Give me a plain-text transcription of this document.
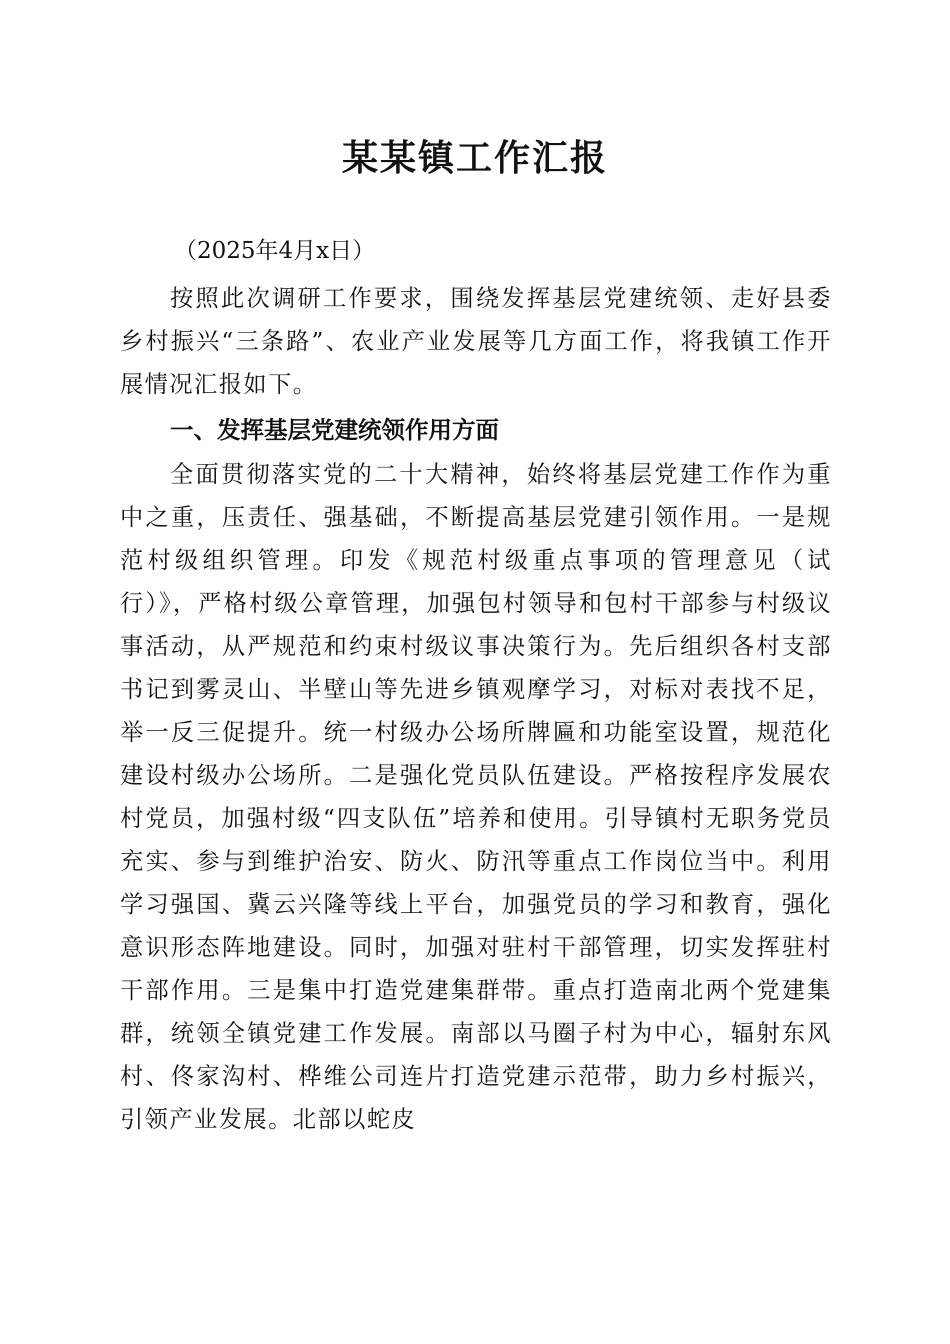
某某镇工作汇报
（2025年4月x日）

按照此次调研工作要求，围绕发挥基层党建统领、走好县委乡村振兴“三条路”、农业产业发展等几方面工作，将我镇工作开展情况汇报如下。

一、发挥基层党建统领作用方面

全面贯彻落实党的二十大精神，始终将基层党建工作作为重中之重，压责任、强基础，不断提高基层党建引领作用。一是规范村级组织管理。印发《规范村级重点事项的管理意见（试行）》，严格村级公章管理，加强包村领导和包村干部参与村级议事活动，从严规范和约束村级议事决策行为。先后组织各村支部书记到雾灵山、半壁山等先进乡镇观摩学习，对标对表找不足，举一反三促提升。统一村级办公场所牌匾和功能室设置，规范化建设村级办公场所。二是强化党员队伍建设。严格按程序发展农村党员，加强村级“四支队伍”培养和使用。引导镇村无职务党员充实、参与到维护治安、防火、防汛等重点工作岗位当中。利用学习强国、冀云兴隆等线上平台，加强党员的学习和教育，强化意识形态阵地建设。同时，加强对驻村干部管理，切实发挥驻村干部作用。三是集中打造党建集群带。重点打造南北两个党建集群，统领全镇党建工作发展。南部以马圈子村为中心，辐射东风村、佟家沟村、桦维公司连片打造党建示范带，助力乡村振兴，引领产业发展。北部以蛇皮
